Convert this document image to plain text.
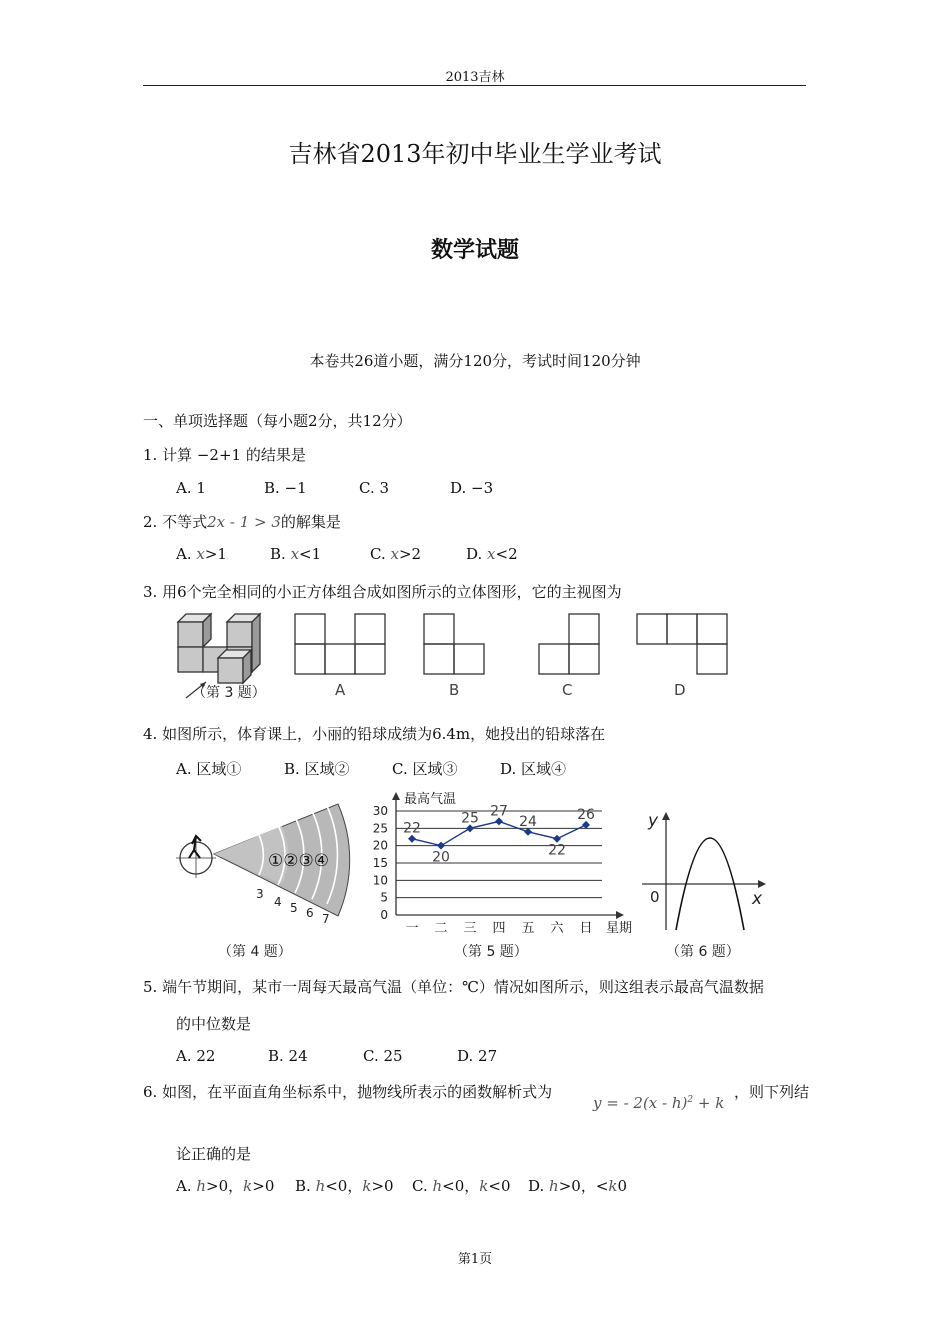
2013吉林
吉林省2013年初中毕业生学业考试
数学试题
本卷共26道小题，满分120分，考试时间120分钟
一、单项选择题（每小题2分，共12分）
1. 计算 −2+1 的结果是
A. 1	B. −1	C. 3	D. −3
2. 不等式2x - 1 > 3的解集是
A. x>1	B. x<1	C. x>2	D. x<2
3. 用6个完全相同的小正方体组合成如图所示的立体图形，它的主视图为
（第 3 题）	A	B	C	D
4. 如图所示，体育课上，小丽的铅球成绩为6.4m，她投出的铅球落在
A. 区域①	B. 区域②	C. 区域③	D. 区域④
①②③④
3
4 5 6 7
（第 4 题）
0
5
10
15
20
25
30
最高气温
一 二 三 四 五 六 日 星期
22
20
25 27
24
22
26
（第 5 题）
y
x
0
（第 6 题）
5. 端午节期间，某市一周每天最高气温（单位：℃）情况如图所示，则这组表示最高气温数据
的中位数是
A. 22	B. 24	C. 25	D. 27
6. 如图，在平面直角坐标系中，抛物线所表示的函数解析式为
y = - 2(x - h)$^2$ + k
，则下列结
论正确的是
A. h>0，k>0 B. h<0，k>0 C. h<0，k<0 D. h>0，<k0
第1页
